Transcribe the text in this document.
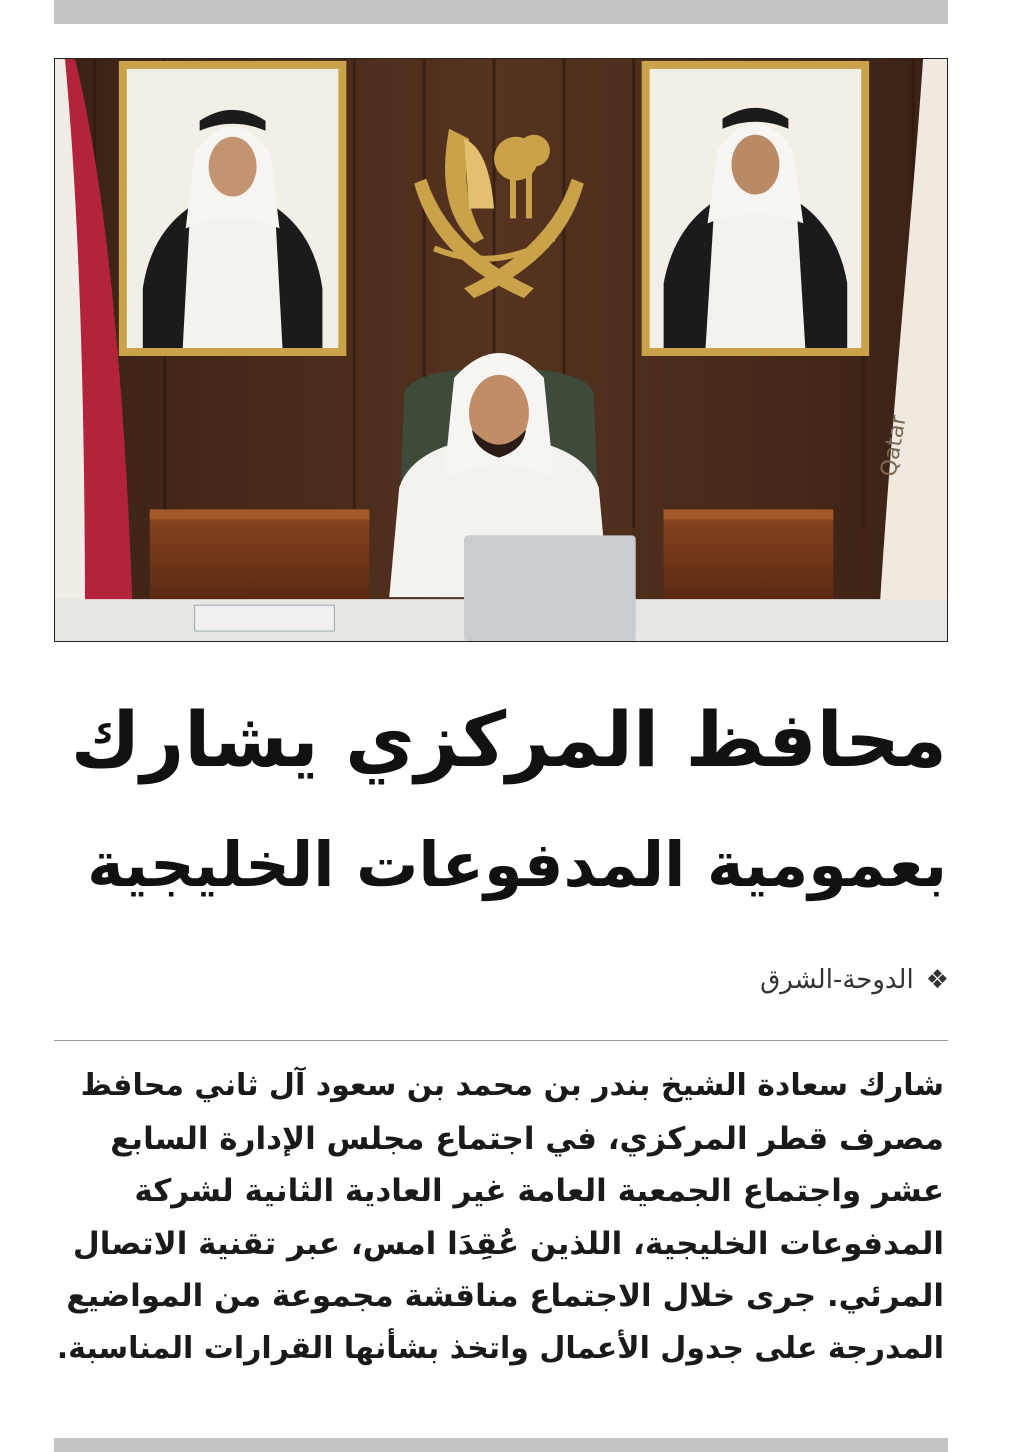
Qatar
محافظ المركزي يشارك
بعمومية المدفوعات الخليجية
❖
الدوحة-الشرق
شارك سعادة الشيخ بندر بن محمد بن سعود آل ثاني محافظ
مصرف قطر المركزي، في اجتماع مجلس الإدارة السابع
عشر واجتماع الجمعية العامة غير العادية الثانية لشركة
المدفوعات الخليجية، اللذين عُقِدَا امس، عبر تقنية الاتصال
المرئي. جرى خلال الاجتماع مناقشة مجموعة من المواضيع
المدرجة على جدول الأعمال واتخذ بشأنها القرارات المناسبة.
